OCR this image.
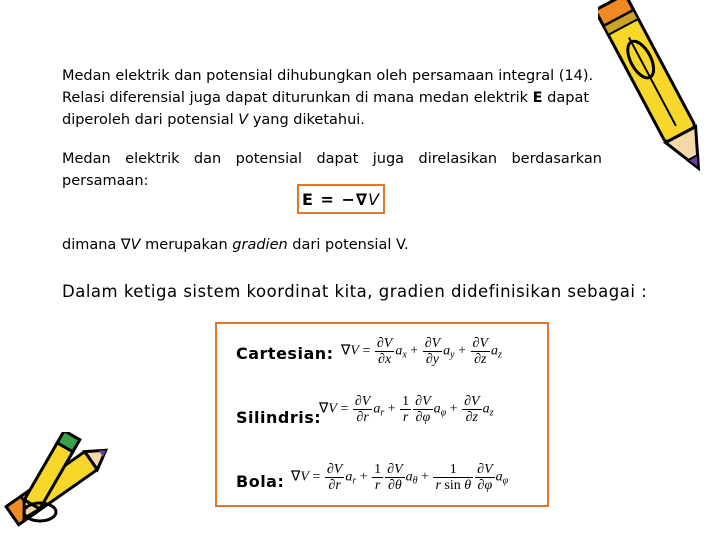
Medan elektrik dan potensial dihubungkan oleh persamaan integral (14). Relasi diferensial juga dapat diturunkan di mana medan elektrik E dapat diperoleh dari potensial V yang diketahui.
Medan elektrik dan potensial dapat juga direlasikan berdasarkan persamaan:
E = −∇ V
dimana ∇V merupakan gradien dari potensial V.
Dalam ketiga sistem koordinat kita, gradien didefinisikan sebagai :
Cartesian: $\nabla V = \frac{\partial V}{\partial x} a_x + \frac{\partial V}{\partial y} a_y + \frac{\partial V}{\partial z} a_z$
Silindris:
$\nabla V = \frac{\partial V}{\partial r} a_r + \frac{1}{r} \frac{\partial V}{\partial\varphi} a_\varphi + \frac{\partial V}{\partial z} a_z$
Bola: $\nabla V = \frac{\partial V}{\partial r} a_r + \frac{1}{r} \frac{\partial V}{\partial\theta} a_\theta + \frac{1}{\text{r sin θ}} \frac{\partial V}{\partial\varphi} a_\varphi$
